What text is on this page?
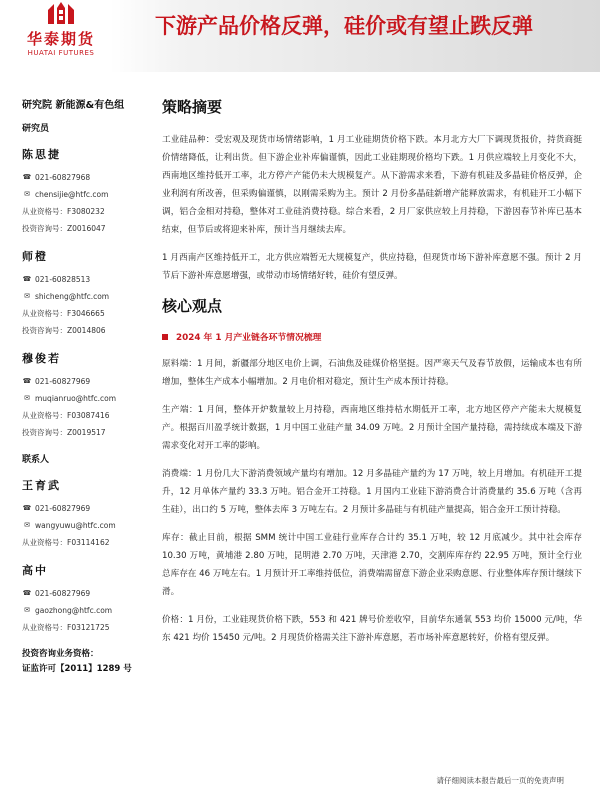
华泰期货
HUATAI FUTURES
下游产品价格反弹，硅价或有望止跌反弹
研究院 新能源&有色组
研究员
陈思捷
☎ 021-60827968
✉ chensijie@htfc.com
从业资格号：F3080232
投资咨询号：Z0016047
师橙
☎ 021-60828513
✉ shicheng@htfc.com
从业资格号：F3046665
投资咨询号：Z0014806
穆俊若
☎ 021-60827969
✉ muqianruo@htfc.com
从业资格号：F03087416
投资咨询号：Z0019517
联系人
王育武
☎ 021-60827969
✉ wangyuwu@htfc.com
从业资格号：F03114162
高中
☎ 021-60827969
✉ gaozhong@htfc.com
从业资格号：F03121725
投资咨询业务资格：
证监许可【2011】1289 号
策略摘要
工业硅品种：受宏观及现货市场情绪影响，1 月工业硅期货价格下跌。本月北方大厂下调现货报价，持货商挺价情绪降低，让利出货。但下游企业补库偏谨慎，因此工业硅期现价格均下跌。1 月供应端较上月变化不大，西南地区维持低开工率，北方停产产能仍未大规模复产。从下游需求来看，下游有机硅及多晶硅价格反弹，企业利润有所改善，但采购偏谨慎，以刚需采购为主。预计 2 月份多晶硅新增产能释放需求，有机硅开工小幅下调，铝合金相对持稳，整体对工业硅消费持稳。综合来看，2 月厂家供应较上月持稳，下游因春节补库已基本结束，但节后或将迎来补库，预计当月继续去库。
1 月西南产区维持低开工，北方供应端暂无大规模复产，供应持稳，但现货市场下游补库意愿不强。预计 2 月节后下游补库意愿增强，或带动市场情绪好转，硅价有望反弹。
核心观点
2024 年 1 月产业链各环节情况梳理
原料端：1 月间，新疆部分地区电价上调，石油焦及硅煤价格坚挺。因严寒天气及春节放假，运输成本也有所增加，整体生产成本小幅增加。2 月电价相对稳定，预计生产成本预计持稳。
生产端：1 月间，整体开炉数量较上月持稳，西南地区维持枯水期低开工率，北方地区停产产能未大规模复产。根据百川盈孚统计数据，1 月中国工业硅产量 34.09 万吨。2 月预计全国产量持稳，需持续成本端及下游需求变化对开工率的影响。
消费端：1 月份几大下游消费领域产量均有增加。12 月多晶硅产量约为 17 万吨，较上月增加。有机硅开工提升，12 月单体产量约 33.3 万吨。铝合金开工持稳。1 月国内工业硅下游消费合计消费量约 35.6 万吨（含再生硅），出口约 5 万吨，整体去库 3 万吨左右。2 月预计多晶硅与有机硅产量提高，铝合金开工预计持稳。
库存：截止目前，根据 SMM 统计中国工业硅行业库存合计约 35.1 万吨，较 12 月底减少。其中社会库存 10.30 万吨，黄埔港 2.80 万吨，昆明港 2.70 万吨，天津港 2.70，交割库库存约 22.95 万吨，预计全行业总库存在 46 万吨左右。1 月预计开工率维持低位，消费端需留意下游企业采购意愿、行业整体库存预计继续下滑。
价格：1 月份，工业硅现货价格下跌，553 和 421 牌号价差收窄，目前华东通氧 553 均价 15000 元/吨，华东 421 均价 15450 元/吨。2 月现货价格需关注下游补库意愿，若市场补库意愿转好，价格有望反弹。
请仔细阅读本报告最后一页的免责声明
